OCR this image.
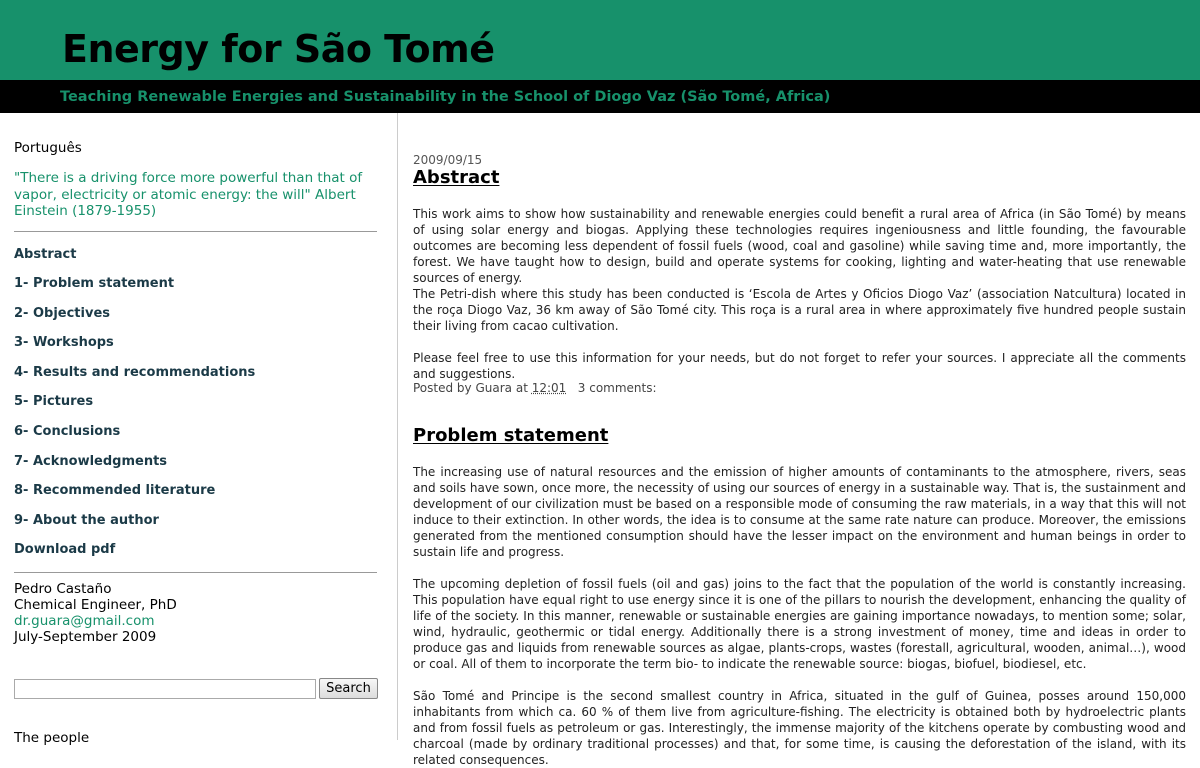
Energy for São Tomé
Teaching Renewable Energies and Sustainability in the School of Diogo Vaz (São Tomé, Africa)
Português
"There is a driving force more powerful than that of vapor, electricity or atomic energy: the will" Albert Einstein (1879-1955)
Abstract
1- Problem statement
2- Objectives
3- Workshops
4- Results and recommendations
5- Pictures
6- Conclusions
7- Acknowledgments
8- Recommended literature
9- About the author
Download pdf
Pedro Castaño
Chemical Engineer, PhD
dr.guara@gmail.com
July-September 2009
Search
The people
2009/09/15
Abstract
This work aims to show how sustainability and renewable energies could benefit a rural area of Africa (in São Tomé) by means of using solar energy and biogas. Applying these technologies requires ingeniousness and little founding, the favourable outcomes are becoming less dependent of fossil fuels (wood, coal and gasoline) while saving time and, more importantly, the forest. We have taught how to design, build and operate systems for cooking, lighting and water-heating that use renewable sources of energy.
The Petri-dish where this study has been conducted is ‘Escola de Artes y Oficios Diogo Vaz’ (association Natcultura) located in the roça Diogo Vaz, 36 km away of São Tomé city. This roça is a rural area in where approximately five hundred people sustain their living from cacao cultivation.
Please feel free to use this information for your needs, but do not forget to refer your sources. I appreciate all the comments and suggestions.
Posted by Guara at 12:01 3 comments:
Problem statement
The increasing use of natural resources and the emission of higher amounts of contaminants to the atmosphere, rivers, seas and soils have sown, once more, the necessity of using our sources of energy in a sustainable way. That is, the sustainment and development of our civilization must be based on a responsible mode of consuming the raw materials, in a way that this will not induce to their extinction. In other words, the idea is to consume at the same rate nature can produce. Moreover, the emissions generated from the mentioned consumption should have the lesser impact on the environment and human beings in order to sustain life and progress.
The upcoming depletion of fossil fuels (oil and gas) joins to the fact that the population of the world is constantly increasing. This population have equal right to use energy since it is one of the pillars to nourish the development, enhancing the quality of life of the society. In this manner, renewable or sustainable energies are gaining importance nowadays, to mention some; solar, wind, hydraulic, geothermic or tidal energy. Additionally there is a strong investment of money, time and ideas in order to produce gas and liquids from renewable sources as algae, plants-crops, wastes (forestall, agricultural, wooden, animal…), wood or coal. All of them to incorporate the term bio- to indicate the renewable source: biogas, biofuel, biodiesel, etc.
São Tomé and Principe is the second smallest country in Africa, situated in the gulf of Guinea, posses around 150,000 inhabitants from which ca. 60 % of them live from agriculture-fishing. The electricity is obtained both by hydroelectric plants and from fossil fuels as petroleum or gas. Interestingly, the immense majority of the kitchens operate by combusting wood and charcoal (made by ordinary traditional processes) and that, for some time, is causing the deforestation of the island, with its related consequences.
